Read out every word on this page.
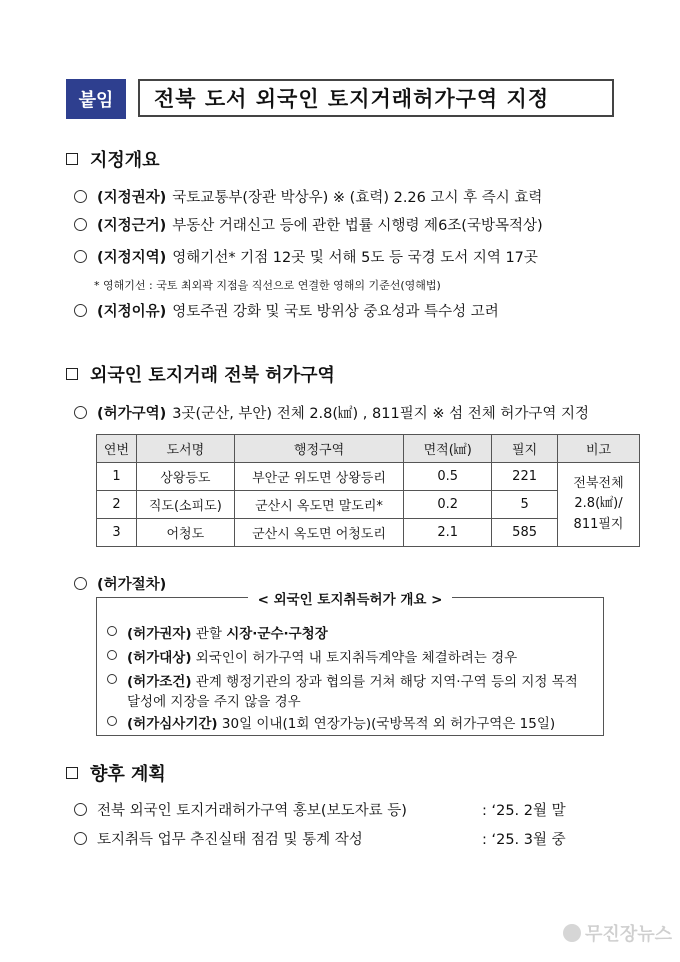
붙임	전북 도서 외국인 토지거래허가구역 지정
지정개요
(지정권자) 국토교통부(장관 박상우) ※ (효력) 2.26 고시 후 즉시 효력
(지정근거) 부동산 거래신고 등에 관한 법률 시행령 제6조(국방목적상)
(지정지역) 영해기선* 기점 12곳 및 서해 5도 등 국경 도서 지역 17곳
* 영해기선 : 국토 최외곽 지점을 직선으로 연결한 영해의 기준선(영해법)
(지정이유) 영토주권 강화 및 국토 방위상 중요성과 특수성 고려
외국인 토지거래 전북 허가구역
(허가구역) 3곳(군산, 부안) 전체 2.8(㎢) , 811필지 ※ 섬 전체 허가구역 지정
연번	도서명	행정구역	면적(㎢)	필지	비고
1	상왕등도	부안군 위도면 상왕등리	0.5	221	전북전체
2.8(㎢)/
811필지

2	직도(소피도)	군산시 옥도면 말도리*	0.2	5	
3	어청도	군산시 옥도면 어청도리	2.1	585	
(허가절차)
< 외국인 토지취득허가 개요 >
(허가권자) 관할 시장·군수·구청장
(허가대상) 외국인이 허가구역 내 토지취득계약을 체결하려는 경우
(허가조건) 관계 행정기관의 장과 협의를 거쳐 해당 지역·구역 등의 지정 목적
달성에 지장을 주지 않을 경우
(허가심사기간) 30일 이내(1회 연장가능)(국방목적 외 허가구역은 15일)
향후 계획
전북 외국인 토지거래허가구역 홍보(보도자료 등)	: ‘25. 2월 말
토지취득 업무 추진실태 점검 및 통계 작성	: ‘25. 3월 중
무진장뉴스
